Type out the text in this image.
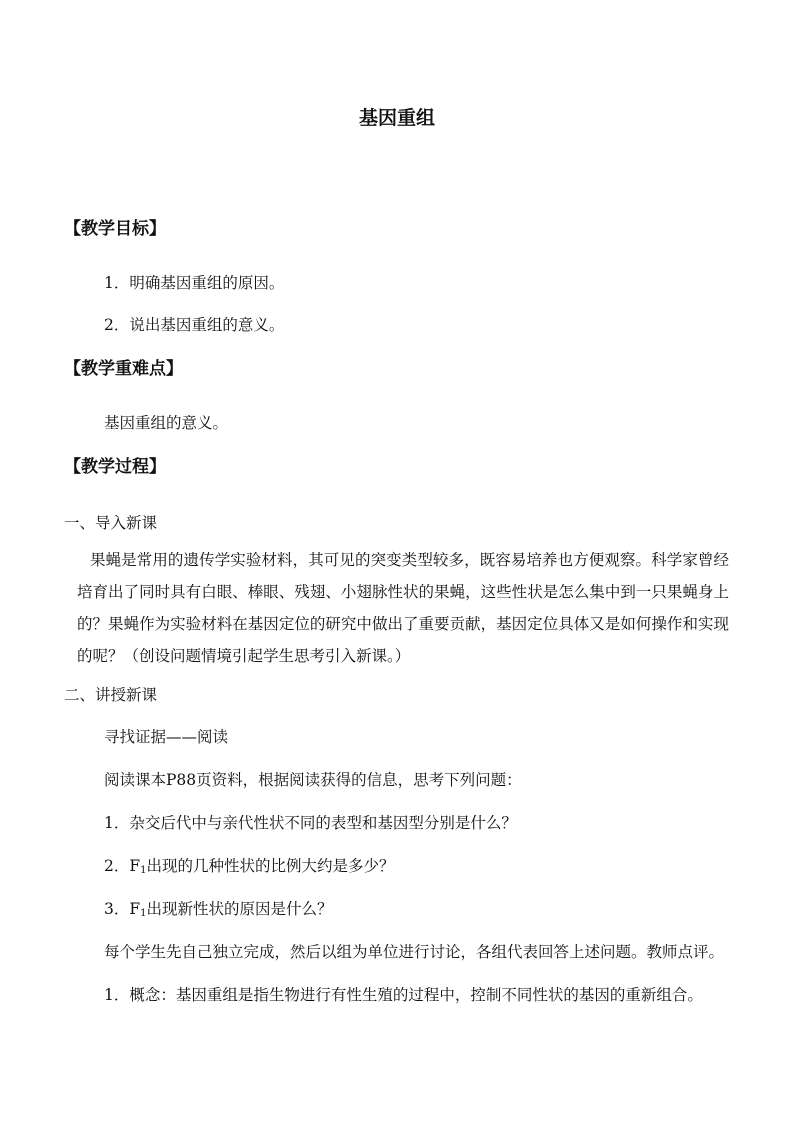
基因重组
【教学目标】
1．明确基因重组的原因。
2．说出基因重组的意义。
【教学重难点】
基因重组的意义。
【教学过程】
一、导入新课
果蝇是常用的遗传学实验材料，其可见的突变类型较多，既容易培养也方便观察。科学家曾经培育出了同时具有白眼、棒眼、残翅、小翅脉性状的果蝇，这些性状是怎么集中到一只果蝇身上的？果蝇作为实验材料在基因定位的研究中做出了重要贡献，基因定位具体又是如何操作和实现的呢？（创设问题情境引起学生思考引入新课。）
二、讲授新课
寻找证据——阅读
阅读课本P88页资料，根据阅读获得的信息，思考下列问题：
1．杂交后代中与亲代性状不同的表型和基因型分别是什么？
2．$F_1$出现的几种性状的比例大约是多少？
3．$F_1$出现新性状的原因是什么？
每个学生先自己独立完成，然后以组为单位进行讨论，各组代表回答上述问题。教师点评。
1．概念：基因重组是指生物进行有性生殖的过程中，控制不同性状的基因的重新组合。
